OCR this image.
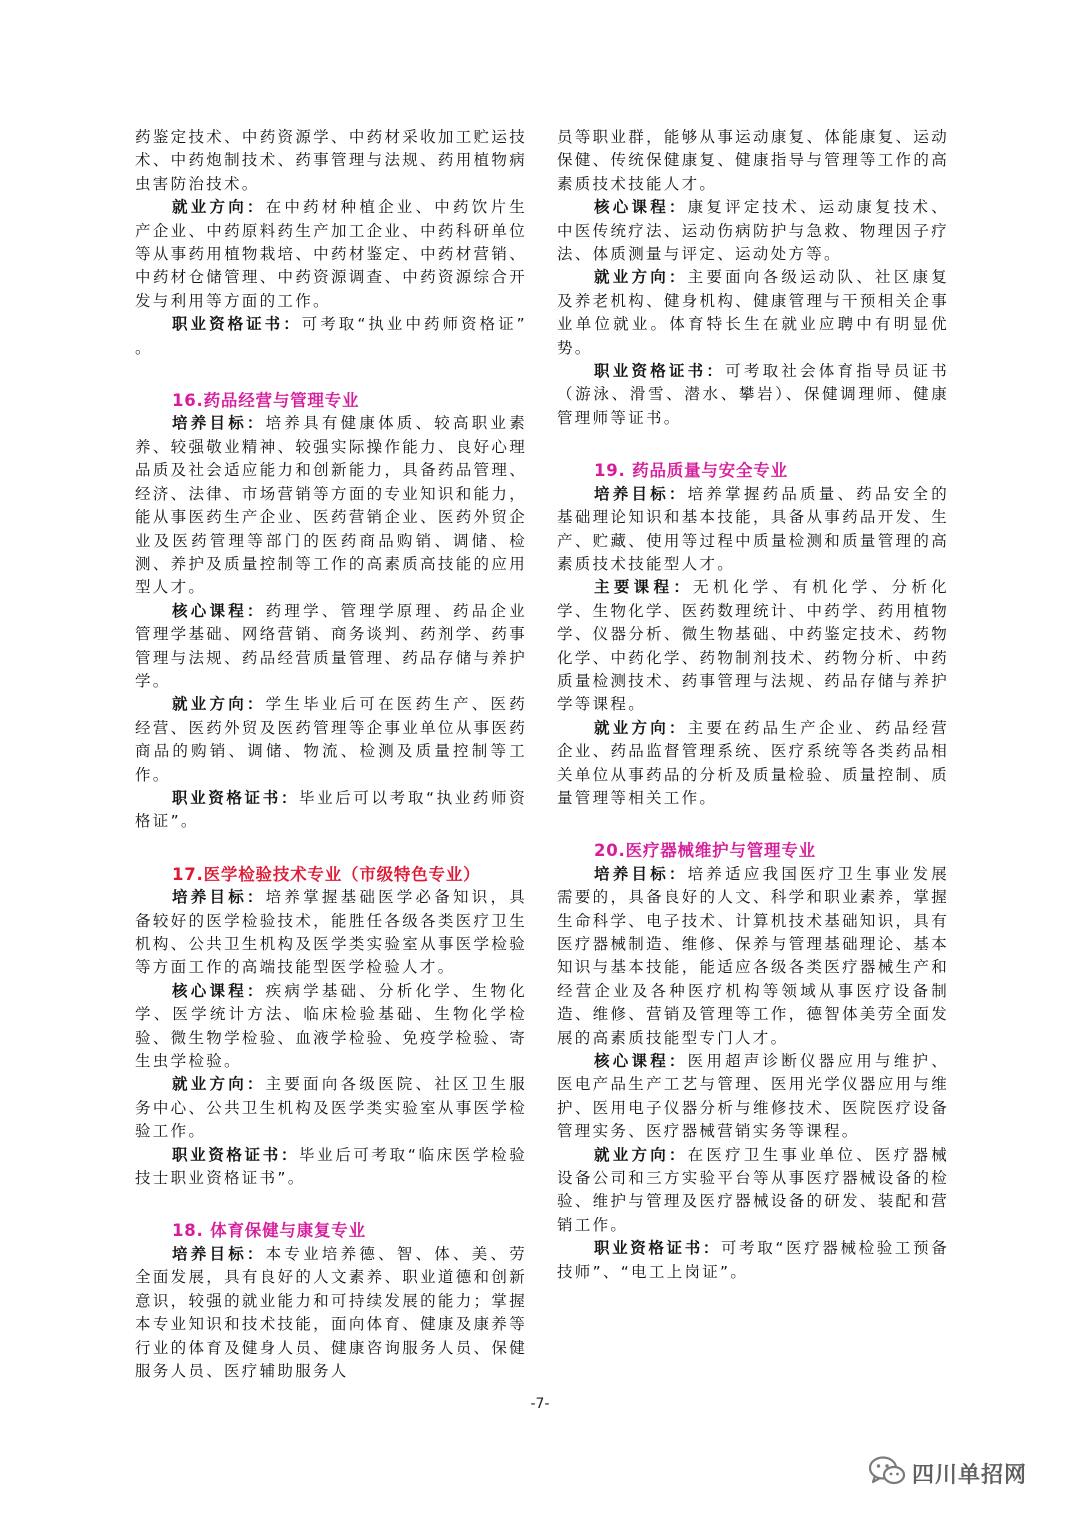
药鉴定技术、中药资源学、中药材采收加工贮运技术、中药炮制技术、药事管理与法规、药用植物病虫害防治技术。

就业方向：在中药材种植企业、中药饮片生产企业、中药原料药生产加工企业、中药科研单位等从事药用植物栽培、中药材鉴定、中药材营销、中药材仓储管理、中药资源调查、中药资源综合开发与利用等方面的工作。

职业资格证书：可考取“执业中药师资格证” 。

16.药品经营与管理专业

培养目标：培养具有健康体质、较高职业素养、较强敬业精神、较强实际操作能力、良好心理品质及社会适应能力和创新能力，具备药品管理、经济、法律、市场营销等方面的专业知识和能力，能从事医药生产企业、医药营销企业、医药外贸企业及医药管理等部门的医药商品购销、调储、检测、养护及质量控制等工作的高素质高技能的应用型人才。

核心课程：药理学、管理学原理、药品企业管理学基础、网络营销、商务谈判、药剂学、药事管理与法规、药品经营质量管理、药品存储与养护学。

就业方向：学生毕业后可在医药生产、医药经营、医药外贸及医药管理等企事业单位从事医药商品的购销、调储、物流、检测及质量控制等工作。

职业资格证书：毕业后可以考取“执业药师资格证”。

17.医学检验技术专业（市级特色专业）

培养目标：培养掌握基础医学必备知识，具备较好的医学检验技术，能胜任各级各类医疗卫生机构、公共卫生机构及医学类实验室从事医学检验等方面工作的高端技能型医学检验人才。

核心课程：疾病学基础、分析化学、生物化学、医学统计方法、临床检验基础、生物化学检验、微生物学检验、血液学检验、免疫学检验、寄生虫学检验。

就业方向：主要面向各级医院、社区卫生服务中心、公共卫生机构及医学类实验室从事医学检验工作。

职业资格证书：毕业后可考取“临床医学检验技士职业资格证书”。

18. 体育保健与康复专业

培养目标：本专业培养德、智、体、美、劳全面发展，具有良好的人文素养、职业道德和创新意识，较强的就业能力和可持续发展的能力；掌握本专业知识和技术技能，面向体育、健康及康养等行业的体育及健身人员、健康咨询服务人员、保健服务人员、医疗辅助服务人

员等职业群，能够从事运动康复、体能康复、运动保健、传统保健康复、健康指导与管理等工作的高素质技术技能人才。

核心课程：康复评定技术、运动康复技术、中医传统疗法、运动伤病防护与急救、物理因子疗法、体质测量与评定、运动处方等。

就业方向：主要面向各级运动队、社区康复及养老机构、健身机构、健康管理与干预相关企事业单位就业。体育特长生在就业应聘中有明显优势。

职业资格证书：可考取社会体育指导员证书（游泳、滑雪、潜水、攀岩）、保健调理师、健康管理师等证书。

19. 药品质量与安全专业

培养目标：培养掌握药品质量、药品安全的基础理论知识和基本技能，具备从事药品开发、生产、贮藏、使用等过程中质量检测和质量管理的高素质技术技能型人才。

主要课程：无机化学、有机化学、分析化学、生物化学、医药数理统计、中药学、药用植物学、仪器分析、微生物基础、中药鉴定技术、药物化学、中药化学、药物制剂技术、药物分析、中药质量检测技术、药事管理与法规、药品存储与养护学等课程。

就业方向：主要在药品生产企业、药品经营企业、药品监督管理系统、医疗系统等各类药品相关单位从事药品的分析及质量检验、质量控制、质量管理等相关工作。

20.医疗器械维护与管理专业

培养目标：培养适应我国医疗卫生事业发展需要的，具备良好的人文、科学和职业素养，掌握生命科学、电子技术、计算机技术基础知识，具有医疗器械制造、维修、保养与管理基础理论、基本知识与基本技能，能适应各级各类医疗器械生产和经营企业及各种医疗机构等领域从事医疗设备制造、维修、营销及管理等工作，德智体美劳全面发展的高素质技能型专门人才。

核心课程：医用超声诊断仪器应用与维护、医电产品生产工艺与管理、医用光学仪器应用与维护、医用电子仪器分析与维修技术、医院医疗设备管理实务、医疗器械营销实务等课程。

就业方向：在医疗卫生事业单位、医疗器械设备公司和三方实验平台等从事医疗器械设备的检验、维护与管理及医疗器械设备的研发、装配和营销工作。

职业资格证书：可考取“医疗器械检验工预备技师”、“电工上岗证”。

-7-
四川单招网
